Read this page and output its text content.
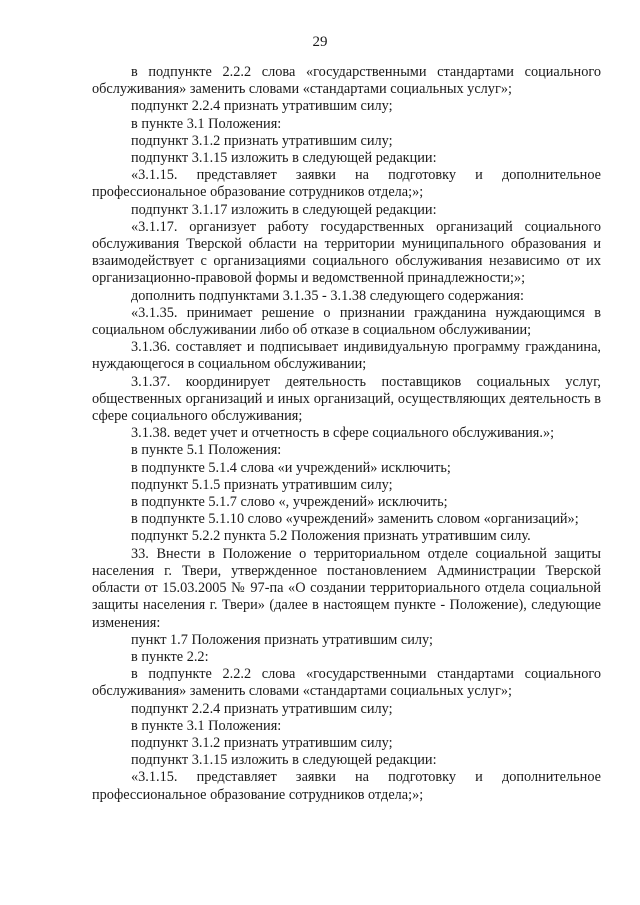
29

в подпункте 2.2.2 слова «государственными стандартами социального обслуживания» заменить словами «стандартами социальных услуг»;

подпункт 2.2.4 признать утратившим силу;

в пункте 3.1 Положения:

подпункт 3.1.2 признать утратившим силу;

подпункт 3.1.15 изложить в следующей редакции:

«3.1.15. представляет заявки на подготовку и дополнительное профессиональное образование сотрудников отдела;»;

подпункт 3.1.17 изложить в следующей редакции:

«3.1.17. организует работу государственных организаций социального обслуживания Тверской области на территории муниципального образования и взаимодействует с организациями социального обслуживания независимо от их организационно-правовой формы и ведомственной принадлежности;»;

дополнить подпунктами 3.1.35 - 3.1.38 следующего содержания:

«3.1.35. принимает решение о признании гражданина нуждающимся в социальном обслуживании либо об отказе в социальном обслуживании;

3.1.36. составляет и подписывает индивидуальную программу гражданина, нуждающегося в социальном обслуживании;

3.1.37. координирует деятельность поставщиков социальных услуг, общественных организаций и иных организаций, осуществляющих деятельность в сфере социального обслуживания;

3.1.38. ведет учет и отчетность в сфере социального обслуживания.»;

в пункте 5.1 Положения:

в подпункте 5.1.4 слова «и учреждений» исключить;

подпункт 5.1.5 признать утратившим силу;

в подпункте 5.1.7 слово «, учреждений» исключить;

в подпункте 5.1.10 слово «учреждений» заменить словом «организаций»;

подпункт 5.2.2 пункта 5.2 Положения признать утратившим силу.

33. Внести в Положение о территориальном отделе социальной защиты населения г. Твери, утвержденное постановлением Администрации Тверской области от 15.03.2005 № 97-па «О создании территориального отдела социальной защиты населения г. Твери» (далее в настоящем пункте - Положение), следующие изменения:

пункт 1.7 Положения признать утратившим силу;

в пункте 2.2:

в подпункте 2.2.2 слова «государственными стандартами социального обслуживания» заменить словами «стандартами социальных услуг»;

подпункт 2.2.4 признать утратившим силу;

в пункте 3.1 Положения:

подпункт 3.1.2 признать утратившим силу;

подпункт 3.1.15 изложить в следующей редакции:

«3.1.15. представляет заявки на подготовку и дополнительное профессиональное образование сотрудников отдела;»;
